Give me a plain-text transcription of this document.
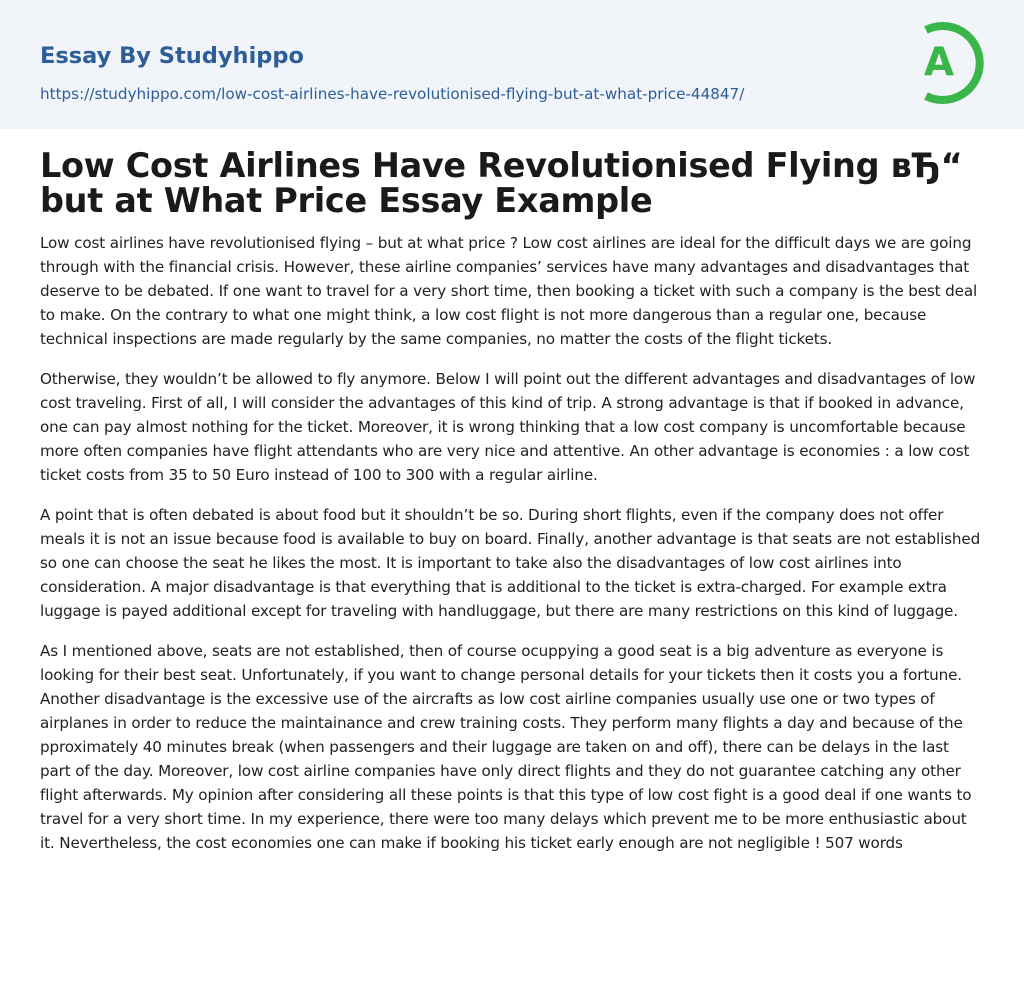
Essay By Studyhippo
https://studyhippo.com/low-cost-airlines-have-revolutionised-flying-but-at-what-price-44847/
A
Low Cost Airlines Have Revolutionised Flying вЂ“ but at What Price Essay Example

Low cost airlines have revolutionised flying – but at what price ? Low cost airlines are ideal for the difficult days we are going through with the financial crisis. However, these airline companies’ services have many advantages and disadvantages that deserve to be debated. If one want to travel for a very short time, then booking a ticket with such a company is the best deal to make. On the contrary to what one might think, a low cost flight is not more dangerous than a regular one, because technical inspections are made regularly by the same companies, no matter the costs of the flight tickets.

Otherwise, they wouldn’t be allowed to fly anymore. Below I will point out the different advantages and disadvantages of low cost traveling. First of all, I will consider the advantages of this kind of trip. A strong advantage is that if booked in advance, one can pay almost nothing for the ticket. Moreover, it is wrong thinking that a low cost company is uncomfortable because more often companies have flight attendants who are very nice and attentive. An other advantage is economies : a low cost ticket costs from 35 to 50 Euro instead of 100 to 300 with a regular airline.

A point that is often debated is about food but it shouldn’t be so. During short flights, even if the company does not offer meals it is not an issue because food is available to buy on board. Finally, another advantage is that seats are not established so one can choose the seat he likes the most. It is important to take also the disadvantages of low cost airlines into consideration. A major disadvantage is that everything that is additional to the ticket is extra-charged. For example extra luggage is payed additional except for traveling with handluggage, but there are many restrictions on this kind of luggage.

As I mentioned above, seats are not established, then of course ocuppying a good seat is a big adventure as everyone is looking for their best seat. Unfortunately, if you want to change personal details for your tickets then it costs you a fortune. Another disadvantage is the excessive use of the aircrafts as low cost airline companies usually use one or two types of airplanes in order to reduce the maintainance and crew training costs. They perform many flights a day and because of the pproximately 40 minutes break (when passengers and their luggage are taken on and off), there can be delays in the last part of the day. Moreover, low cost airline companies have only direct flights and they do not guarantee catching any other flight afterwards. My opinion after considering all these points is that this type of low cost fight is a good deal if one wants to travel for a very short time. In my experience, there were too many delays which prevent me to be more enthusiastic about it. Nevertheless, the cost economies one can make if booking his ticket early enough are not negligible ! 507 words
